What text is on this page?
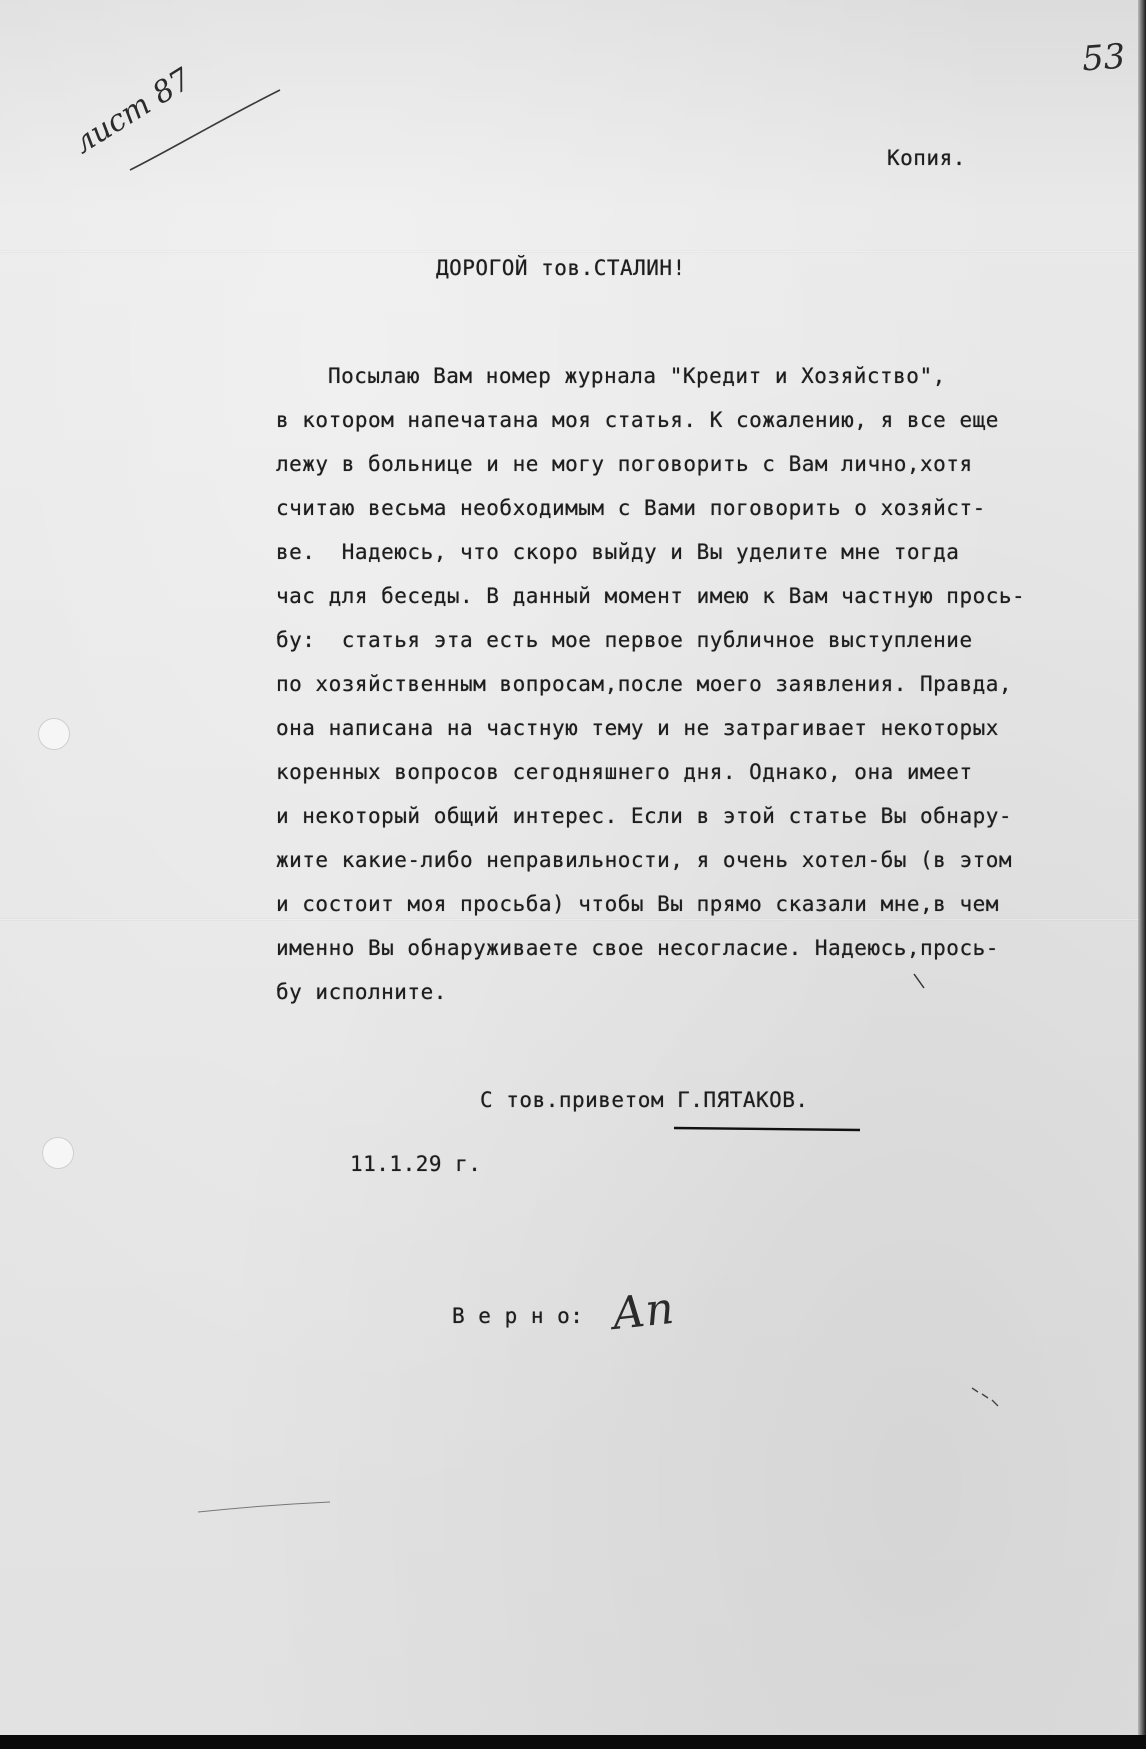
53
лист 87	Копия.
ДОРОГОЙ тов.СТАЛИН!
Посылаю Вам номер журнала "Кредит и Хозяйство",
в котором напечатана моя статья. К сожалению, я все еще
лежу в больнице и не могу поговорить с Вам лично,хотя
считаю весьма необходимым с Вами поговорить о хозяйст-
ве.  Надеюсь, что скоро выйду и Вы уделите мне тогда
час для беседы. В данный момент имею к Вам частную прось-
бу:  статья эта есть мое первое публичное выступление
по хозяйственным вопросам,после моего заявления. Правда,
она написана на частную тему и не затрагивает некоторых
коренных вопросов сегодняшнего дня. Однако, она имеет
и некоторый общий интерес. Если в этой статье Вы обнару-
жите какие-либо неправильности, я очень хотел-бы (в этом
и состоит моя просьба) чтобы Вы прямо сказали мне,в чем
именно Вы обнаруживаете свое несогласие. Надеюсь,прось-
бу исполните.
С тов.приветом Г.ПЯТАКОВ.
11.1.29 г.
В е р н о: Ап
